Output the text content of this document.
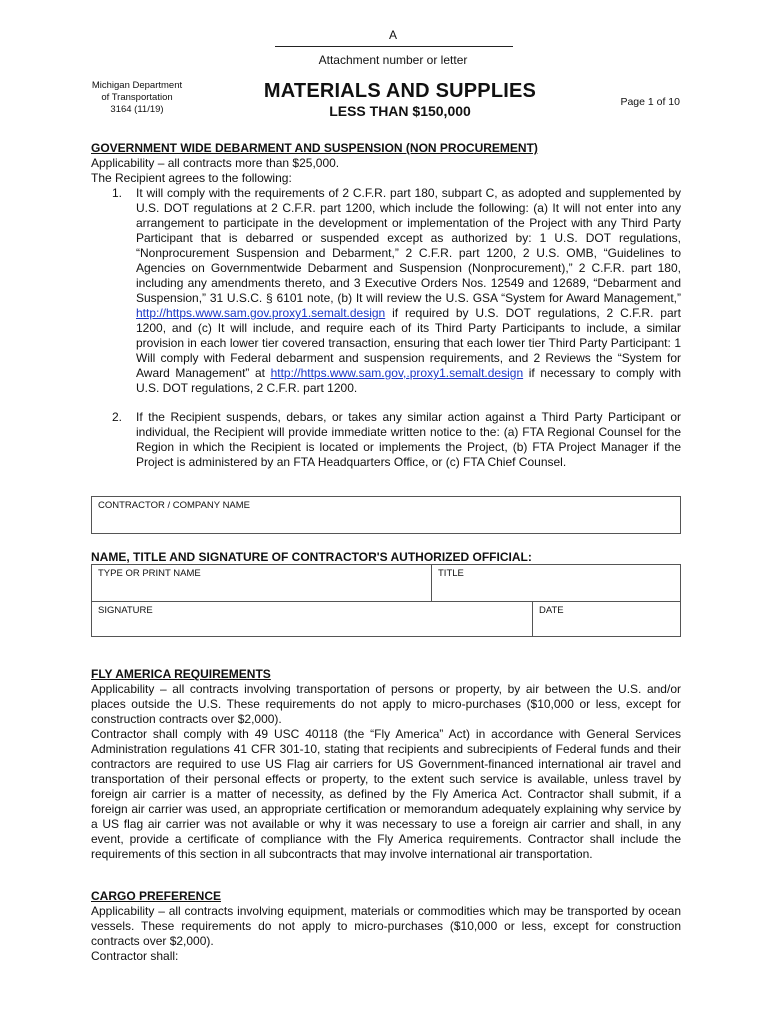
A
Attachment number or letter
Michigan Department
of Transportation
3164 (11/19)
MATERIALS AND SUPPLIES
LESS THAN $150,000
Page 1 of 10
GOVERNMENT WIDE DEBARMENT AND SUSPENSION (NON PROCUREMENT)
Applicability – all contracts more than $25,000.
The Recipient agrees to the following:
1. It will comply with the requirements of 2 C.F.R. part 180, subpart C, as adopted and supplemented by U.S. DOT regulations at 2 C.F.R. part 1200, which include the following: (a) It will not enter into any arrangement to participate in the development or implementation of the Project with any Third Party Participant that is debarred or suspended except as authorized by: 1 U.S. DOT regulations, “Nonprocurement Suspension and Debarment,” 2 C.F.R. part 1200, 2 U.S. OMB, “Guidelines to Agencies on Governmentwide Debarment and Suspension (Nonprocurement),” 2 C.F.R. part 180, including any amendments thereto, and 3 Executive Orders Nos. 12549 and 12689, “Debarment and Suspension,” 31 U.S.C. § 6101 note, (b) It will review the U.S. GSA “System for Award Management,” http://https.www.sam.gov.proxy1.semalt.design if required by U.S. DOT regulations, 2 C.F.R. part 1200, and (c) It will include, and require each of its Third Party Participants to include, a similar provision in each lower tier covered transaction, ensuring that each lower tier Third Party Participant: 1 Will comply with Federal debarment and suspension requirements, and 2 Reviews the “System for Award Management” at http://https.www.sam.gov,.proxy1.semalt.design if necessary to comply with U.S. DOT regulations, 2 C.F.R. part 1200.
2. If the Recipient suspends, debars, or takes any similar action against a Third Party Participant or individual, the Recipient will provide immediate written notice to the: (a) FTA Regional Counsel for the Region in which the Recipient is located or implements the Project, (b) FTA Project Manager if the Project is administered by an FTA Headquarters Office, or (c) FTA Chief Counsel.
CONTRACTOR / COMPANY NAME
NAME, TITLE AND SIGNATURE OF CONTRACTOR'S AUTHORIZED OFFICIAL:
TYPE OR PRINT NAME	TITLE
SIGNATURE	DATE
FLY AMERICA REQUIREMENTS
Applicability – all contracts involving transportation of persons or property, by air between the U.S. and/or places outside the U.S. These requirements do not apply to micro-purchases ($10,000 or less, except for construction contracts over $2,000).
Contractor shall comply with 49 USC 40118 (the “Fly America” Act) in accordance with General Services Administration regulations 41 CFR 301-10, stating that recipients and subrecipients of Federal funds and their contractors are required to use US Flag air carriers for US Government-financed international air travel and transportation of their personal effects or property, to the extent such service is available, unless travel by foreign air carrier is a matter of necessity, as defined by the Fly America Act. Contractor shall submit, if a foreign air carrier was used, an appropriate certification or memorandum adequately explaining why service by a US flag air carrier was not available or why it was necessary to use a foreign air carrier and shall, in any event, provide a certificate of compliance with the Fly America requirements. Contractor shall include the requirements of this section in all subcontracts that may involve international air transportation.
CARGO PREFERENCE
Applicability – all contracts involving equipment, materials or commodities which may be transported by ocean vessels. These requirements do not apply to micro-purchases ($10,000 or less, except for construction contracts over $2,000).
Contractor shall:
